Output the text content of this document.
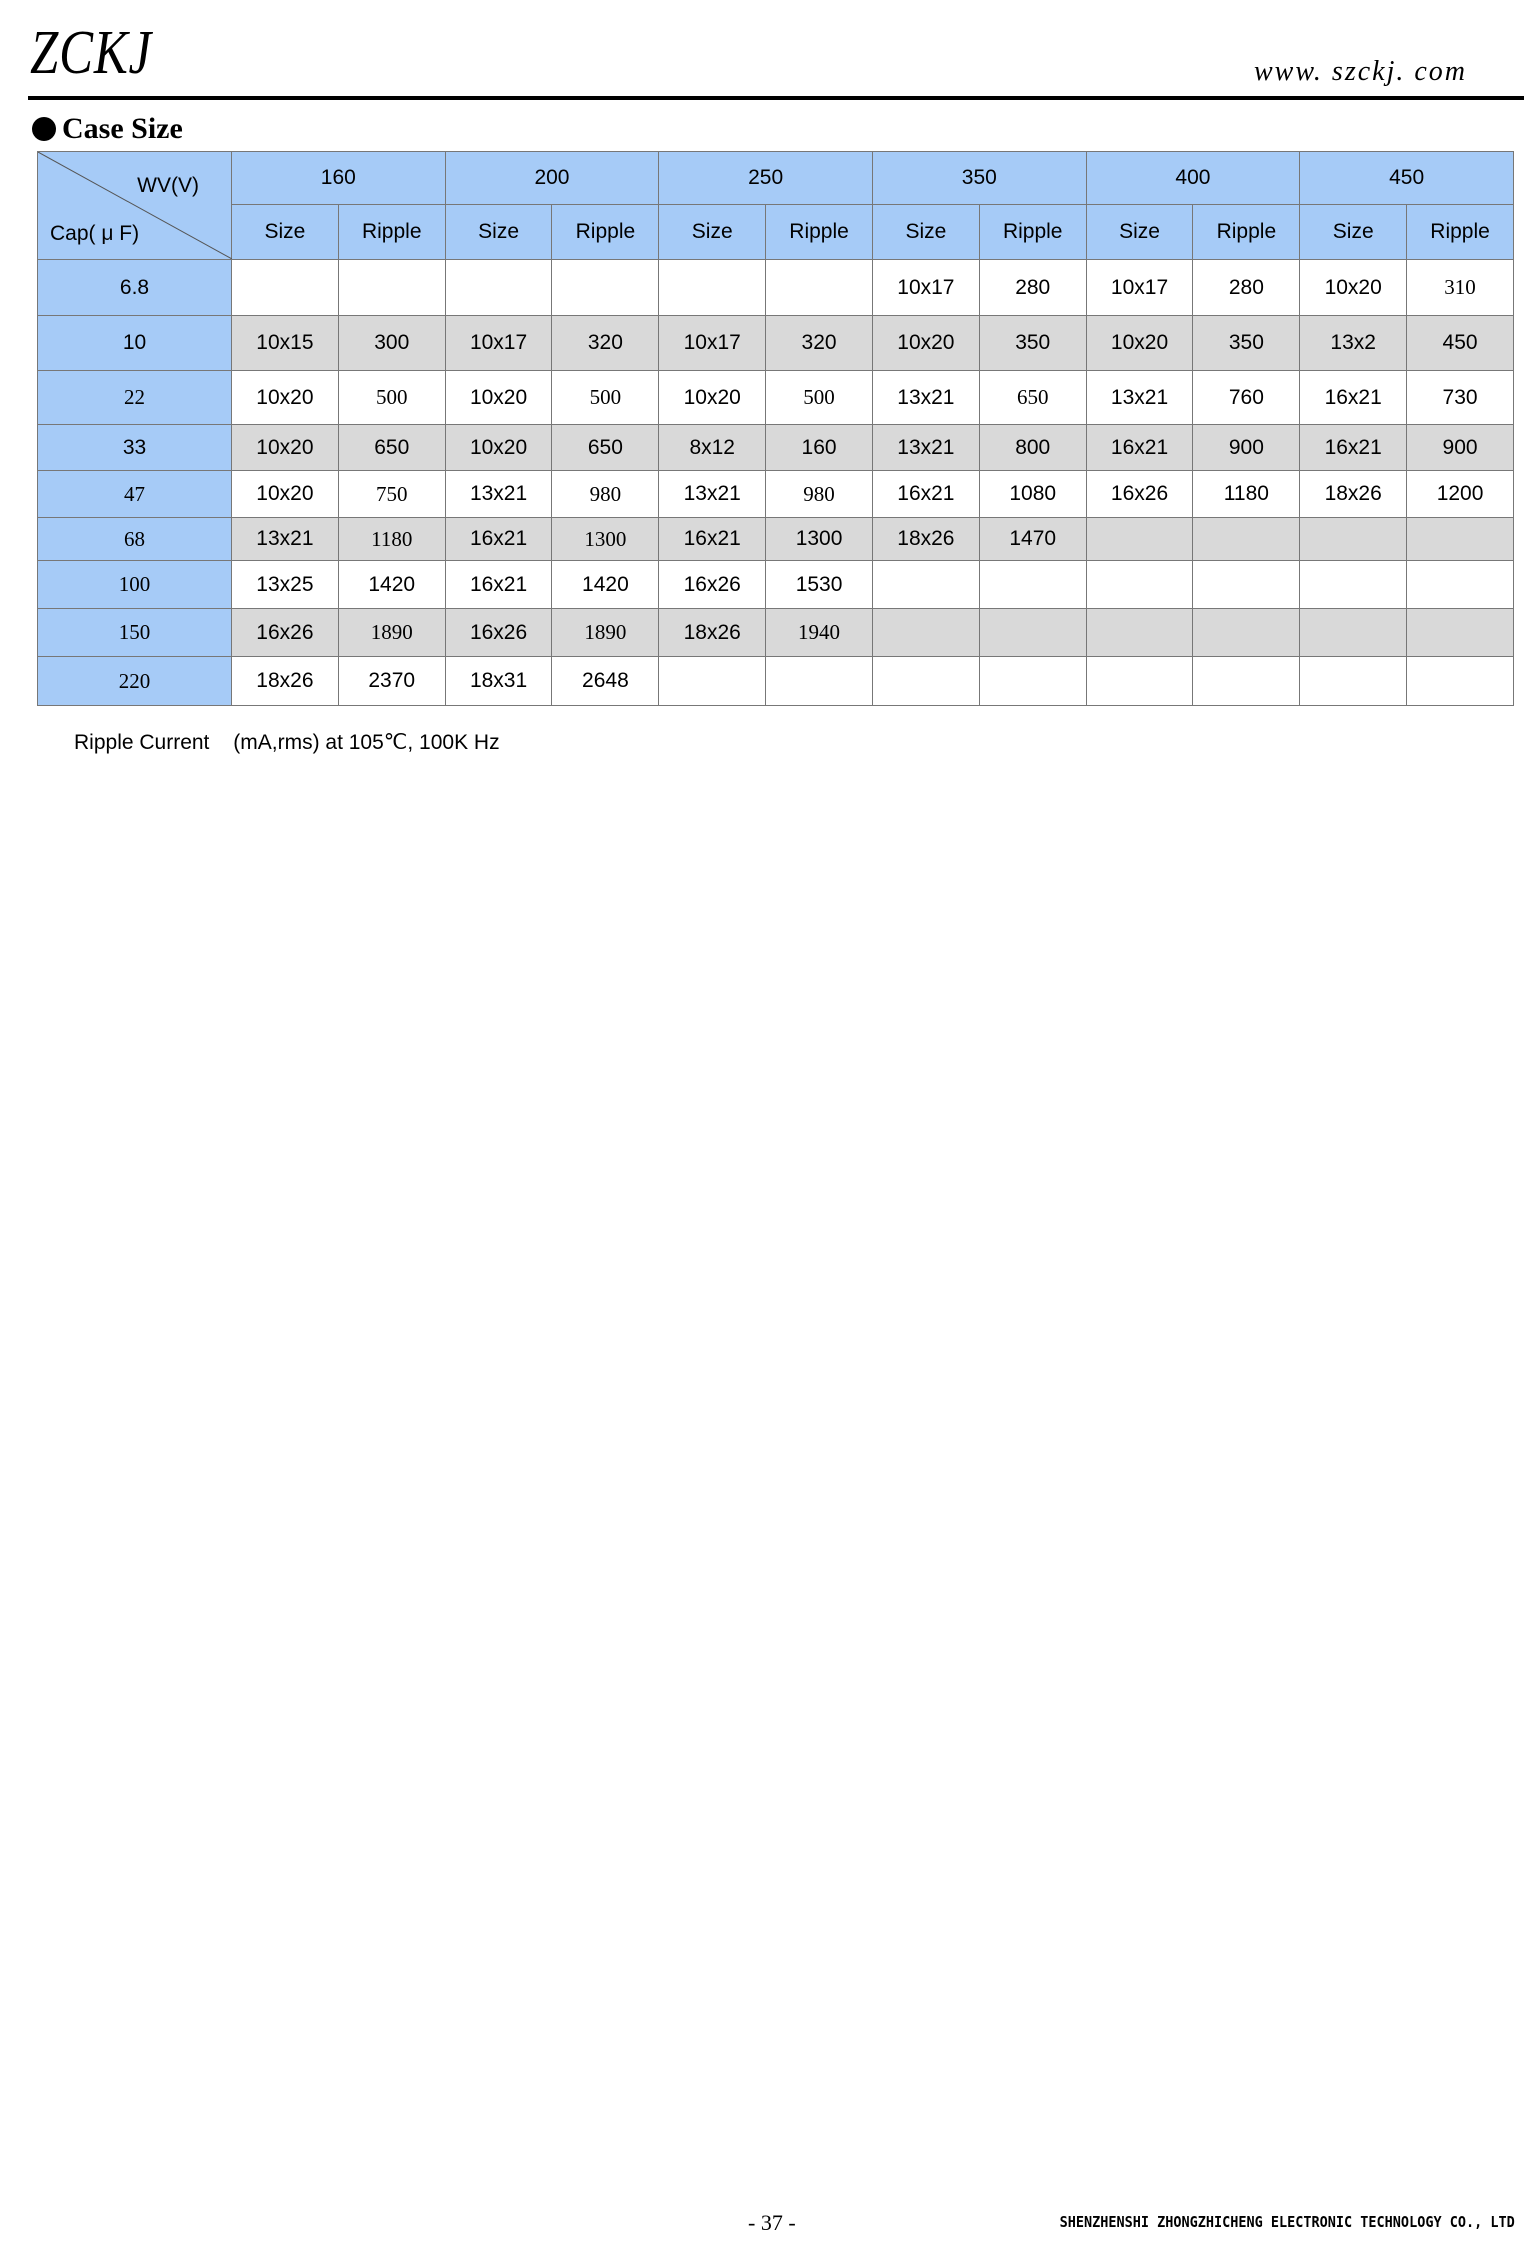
ZCKJ	www. szckj. com
Case Size
WV(V)
Cap( μ F)	160		200		250		350		400		450	
	Size	Ripple	Size	Ripple	Size	Ripple	Size	Ripple	Size	Ripple	Size	Ripple
6.8							10x17	280	10x17	280	10x20	310
10	10x15	300	10x17	320	10x17	320	10x20	350	10x20	350	13x2	450
22	10x20	500	10x20	500	10x20	500	13x21	650	13x21	760	16x21	730
33	10x20	650	10x20	650	8x12	160	13x21	800	16x21	900	16x21	900
47	10x20	750	13x21	980	13x21	980	16x21	1080	16x26	1180	18x26	1200
68	13x21	1180	16x21	1300	16x21	1300	18x26	1470				
100	13x25	1420	16x21	1420	16x26	1530						
150	16x26	1890	16x26	1890	18x26	1940						
220	18x26	2370	18x31	2648								
Ripple Current (mA,rms) at 105℃, 100K Hz
- 37 -	SHENZHENSHI ZHONGZHICHENG ELECTRONIC TECHNOLOGY CO., LTD
